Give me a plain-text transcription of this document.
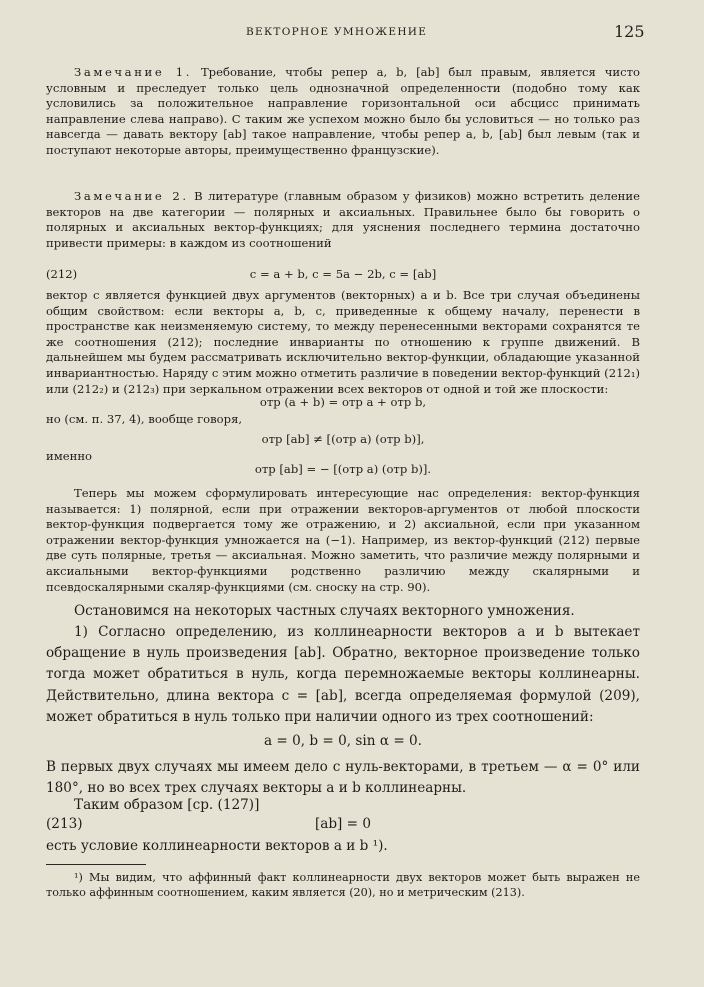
ВЕКТОРНОЕ УМНОЖЕНИЕ	125
Замечание 1. Требование, чтобы репер a, b, [ab] был правым, является чисто условным и преследует только цель однозначной определенности (подобно тому как условились за положительное направление горизонтальной оси абсцисс принимать направление слева направо). С таким же успехом можно было бы условиться — но только раз навсегда — давать вектору [ab] такое направление, чтобы репер a, b, [ab] был левым (так и поступают некоторые авторы, преимущественно французские).
Замечание 2. В литературе (главным образом у физиков) можно встретить деление векторов на две категории — полярных и аксиальных. Правильнее было бы говорить о полярных и аксиальных вектор-функциях; для уяснения последнего термина достаточно привести примеры: в каждом из соотношений
(212)	c = a + b, c = 5a − 2b, c = [ab]
вектор c является функцией двух аргументов (векторных) a и b. Все три случая объединены общим свойством: если векторы a, b, c, приведенные к общему началу, перенести в пространстве как неизменяемую систему, то между перенесенными векторами сохранятся те же соотношения (212); последние инварианты по отношению к группе движений. В дальнейшем мы будем рассматривать исключительно вектор-функции, обладающие указанной инвариантностью. Наряду с этим можно отметить различие в поведении вектор-функций (212₁) или (212₂) и (212₃) при зеркальном отражении всех векторов от одной и той же плоскости:
отр (a + b) = отр a + отр b,
но (см. п. 37, 4), вообще говоря,
отр [ab] ≠ [(отр a) (отр b)],
именно
отр [ab] = − [(отр a) (отр b)].
Теперь мы можем сформулировать интересующие нас определения: вектор-функция называется: 1) полярной, если при отражении векторов-аргументов от любой плоскости вектор-функция подвергается тому же отражению, и 2) аксиальной, если при указанном отражении вектор-функция умножается на (−1). Например, из вектор-функций (212) первые две суть полярные, третья — аксиальная. Можно заметить, что различие между полярными и аксиальными вектор-функциями родственно различию между скалярными и псевдоскалярными скаляр-функциями (см. сноску на стр. 90).
Остановимся на некоторых частных случаях векторного умножения.
1) Согласно определению, из коллинеарности векторов a и b вытекает обращение в нуль произведения [ab]. Обратно, векторное произведение только тогда может обратиться в нуль, когда перемножаемые векторы коллинеарны. Действительно, длина вектора c = [ab], всегда определяемая формулой (209), может обратиться в нуль только при наличии одного из трех соотношений:
a = 0, b = 0, sin α = 0.
В первых двух случаях мы имеем дело с нуль-векторами, в третьем — α = 0° или 180°, но во всех трех случаях векторы a и b коллинеарны.
Таким образом [ср. (127)]
(213)	[ab] = 0
есть условие коллинеарности векторов a и b ¹).
¹) Мы видим, что аффинный факт коллинеарности двух векторов может быть выражен не только аффинным соотношением, каким является (20), но и метрическим (213).
